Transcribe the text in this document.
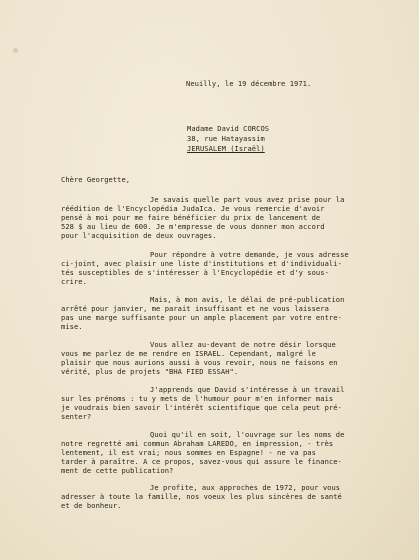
Neuilly, le 19 décembre 1971.
Madame David CORCOS
38, rue Hatayassim
JERUSALEM (Israël)
Chère Georgette,
Je savais quelle part vous avez prise pour la
réédition de l'Encyclopédia JudaIca. Je vous remercie d'avoir
pensé à moi pour me faire bénéficier du prix de lancement de
528 $ au lieu de 600. Je m'empresse de vous donner mon accord
pour l'acquisition de deux ouvrages.
Pour répondre à votre demande, je vous adresse
ci-joint, avec plaisir une liste d'institutions et d'individuali-
tés susceptibles de s'intéresser à l'Encyclopédie et d'y sous-
crire.
Mais, à mon avis, le délai de pré-publication
arrêté pour janvier, me parait insuffisant et ne vous laissera
pas une marge suffisante pour un ample placement par votre entre-
mise.
Vous allez au-devant de notre désir lorsque
vous me parlez de me rendre en ISRAEL. Cependant, malgré le
plaisir que nous aurions aussi à vous revoir, nous ne faisons en
vérité, plus de projets "BHA FIED ESSAH".
J'apprends que David s'intéresse à un travail
sur les prénoms : tu y mets de l'humour pour m'en informer mais
je voudrais bien savoir l'intérêt scientifique que cela peut pré-
senter?
Quoi qu'il en soit, l'ouvrage sur les noms de
notre regretté ami commun Abraham LAREDO, en impression, - très
lentement, il est vrai; nous sommes en Espagne! - ne va pas
tarder à paraître. A ce propos, savez-vous qui assure le finance-
ment de cette publication?
Je profite, aux approches de 1972, pour vous
adresser à toute la famille, nos voeux les plus sincères de santé
et de bonheur.
